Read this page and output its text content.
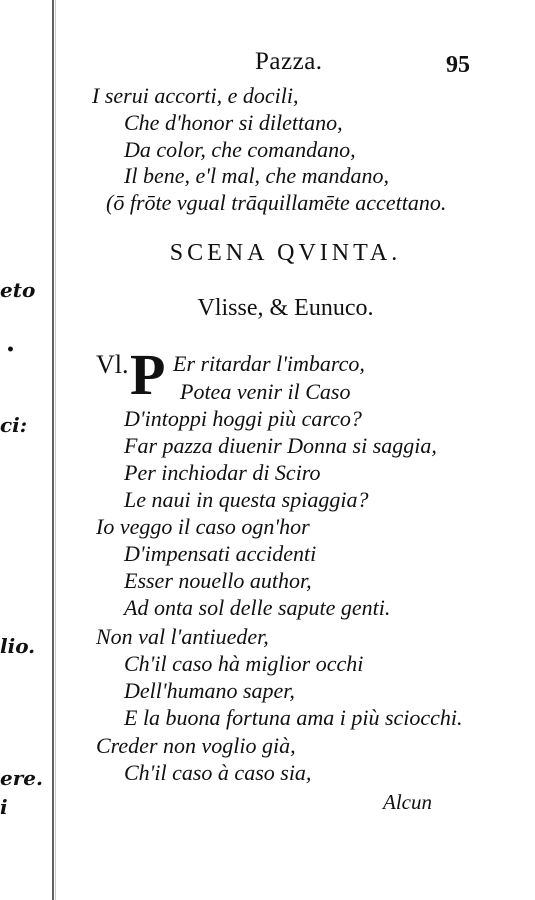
eto
•
ci:
lio.
ere.
i
Pazza.	95
I serui accorti, e docili,
Che d'honor si dilettano,
Da color, che comandano,
Il bene, e'l mal, che mandano,
(ō frōte vgual trāquillamēte accettano.
SCENA QVINTA.
Vlisse, & Eunuco.
Vl. P Er ritardar l'imbarco,
Potea venir il Caso
D'intoppi hoggi più carco?
Far pazza diuenir Donna si saggia,
Per inchiodar di Sciro
Le naui in questa spiaggia?
Io veggo il caso ogn'hor
D'impensati accidenti
Esser nouello author,
Ad onta sol delle sapute genti.
Non val l'antiueder,
Ch'il caso hà miglior occhi
Dell'humano saper,
E la buona fortuna ama i più sciocchi.
Creder non voglio già,
Ch'il caso à caso sia,
Alcun
